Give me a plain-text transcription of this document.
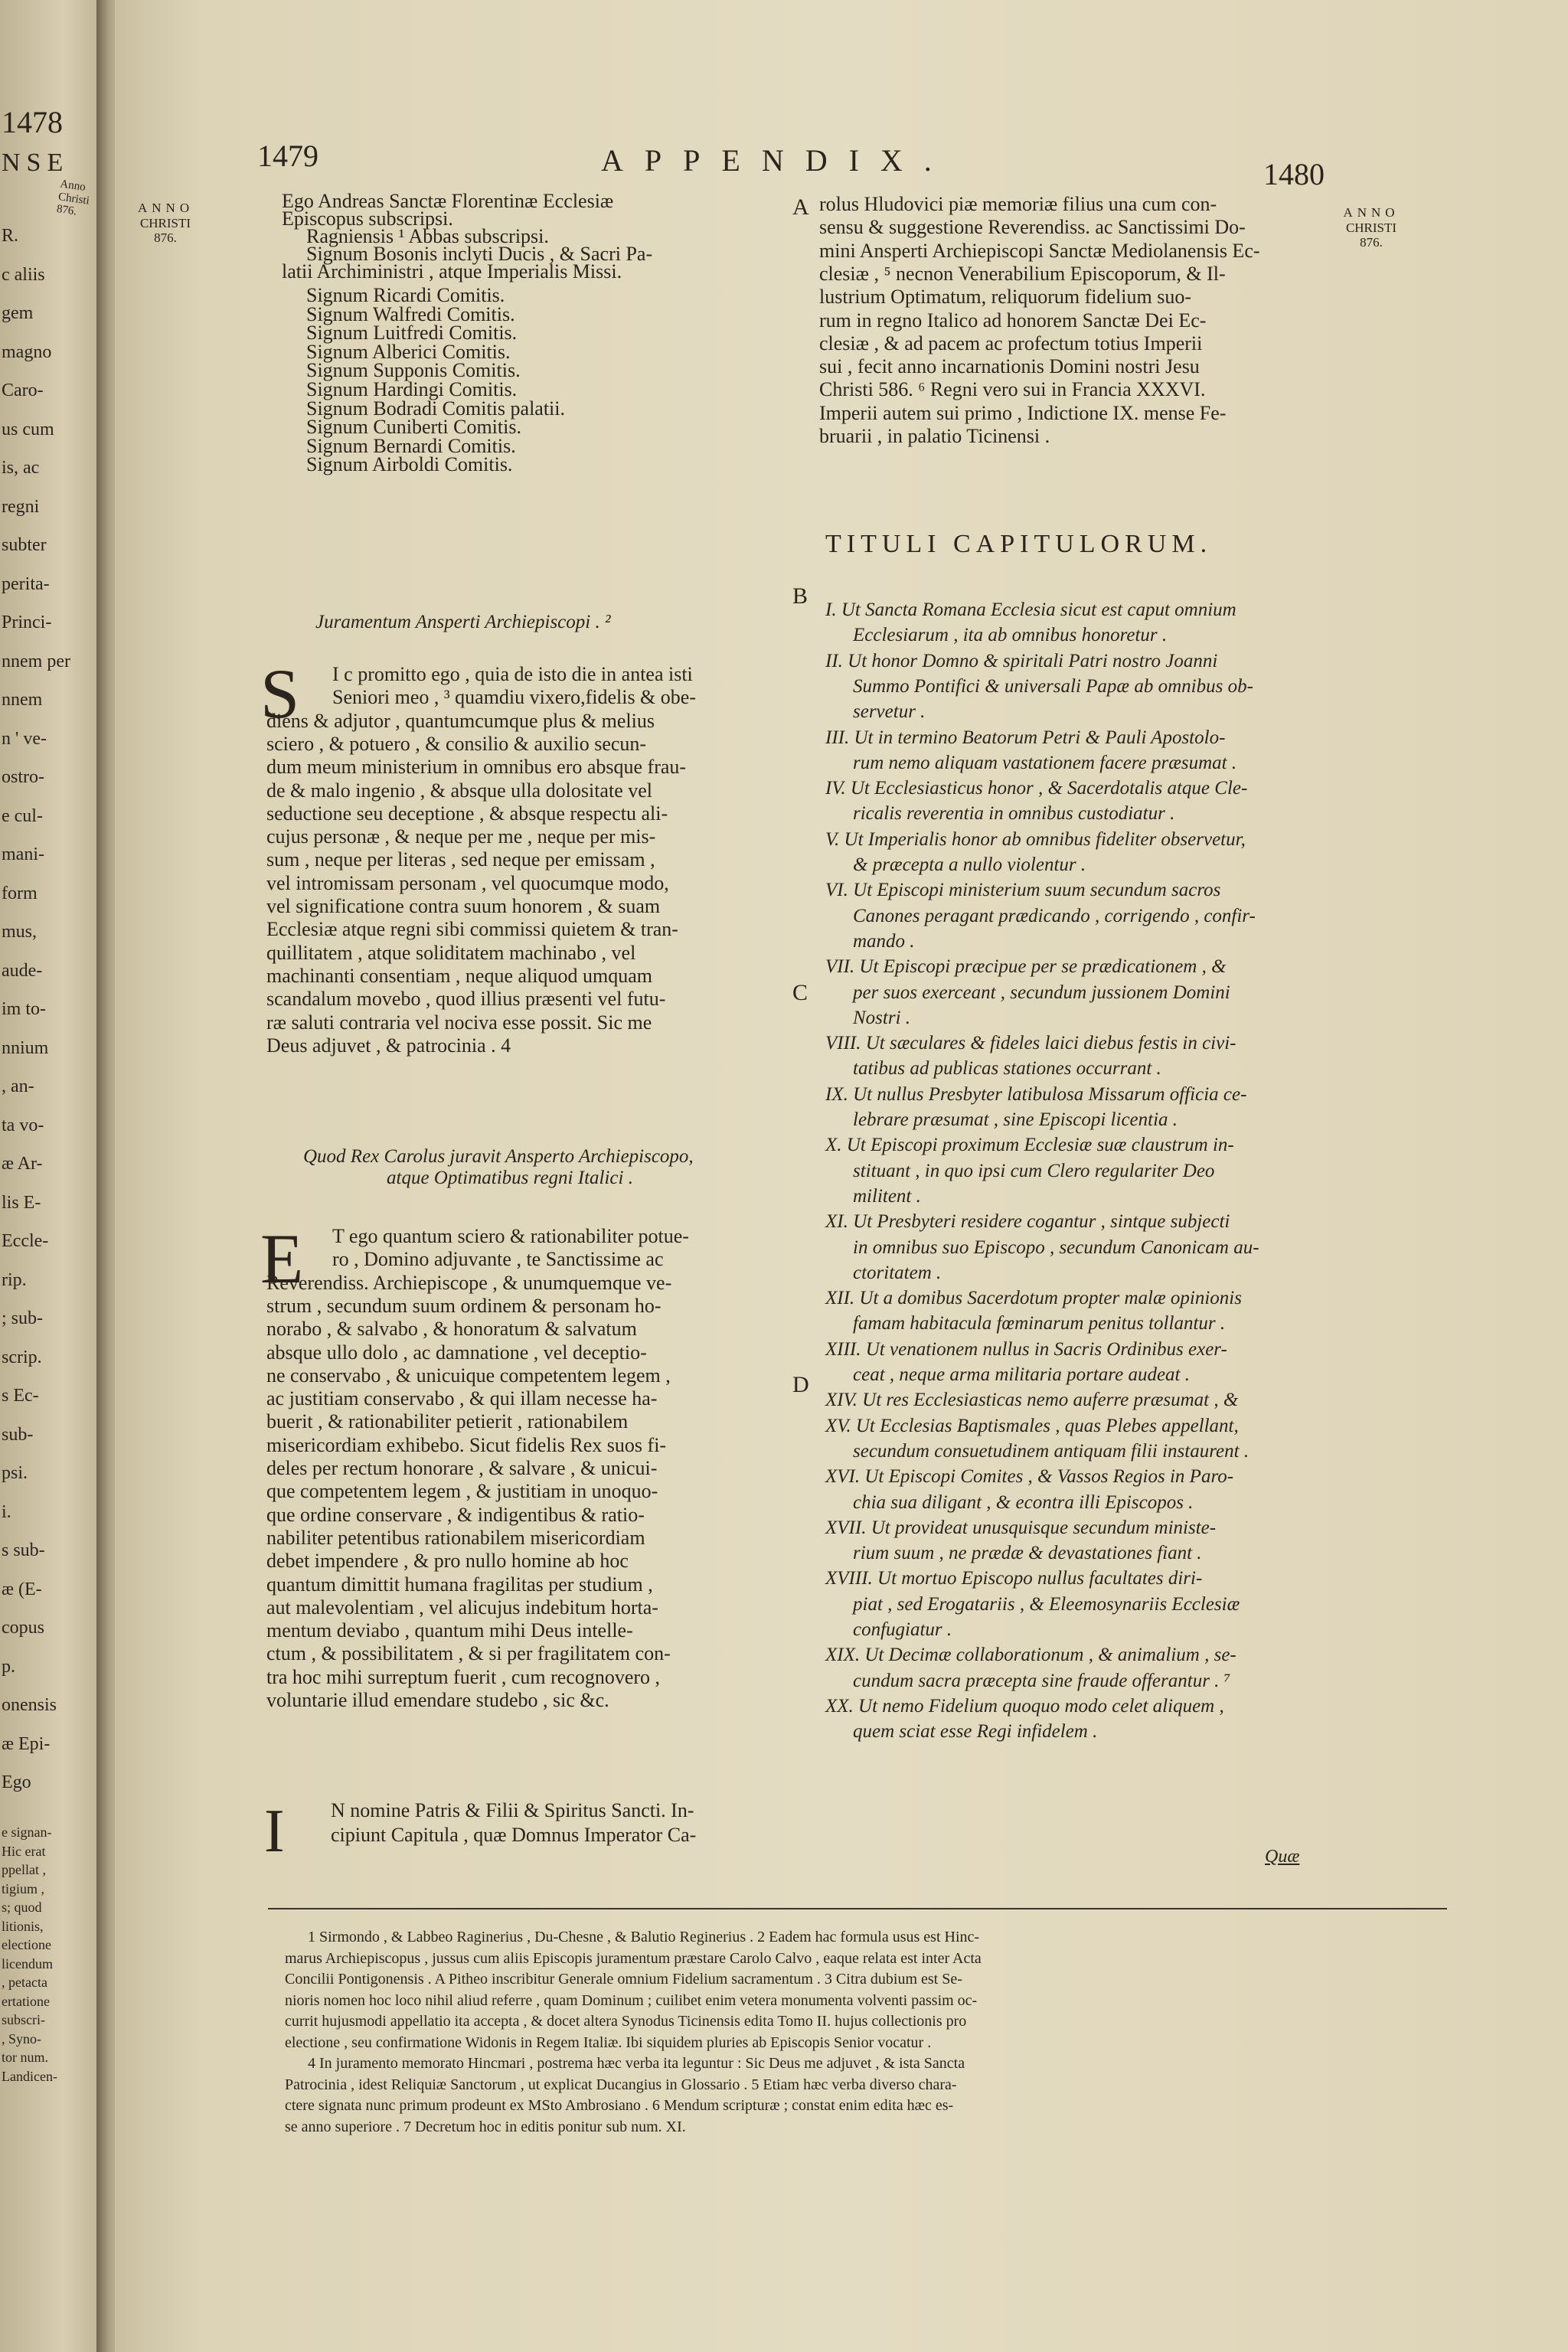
1478
NSE
Anno Christi 876.
R.
c aliis
gem
magno
Caro-
us cum
is, ac
regni
subter
perita-
Princi-
nnem per
nnem
n ' ve-
ostro-
e cul-
mani-
form
mus,
aude-
im to-
nnium
, an-
ta vo-
æ Ar-
lis E-
Eccle-
rip.
; sub-
scrip.
s Ec-
sub-
psi.
i.
s sub-
æ (E-
copus
p.
onensis
æ Epi-
Ego
e signan-
Hic erat
ppellat ,
tigium ,
s; quod
litionis,
electione
licendum
, petacta
ertatione
subscri-
, Syno-
tor num.
Landicen-
1479	APPENDIX.	1480
ANNO
CHRISTI
876.
ANNO
CHRISTI
876.
A
B
C
D
S
E
I
Ego Andreas Sanctæ Florentinæ Ecclesiæ
Episcopus subscripsi.
Ragniensis ¹ Abbas subscripsi.
Signum Bosonis inclyti Ducis , & Sacri Pa-
latii Archiministri , atque Imperialis Missi.
Signum Ricardi Comitis.
Signum Walfredi Comitis.
Signum Luitfredi Comitis.
Signum Alberici Comitis.
Signum Supponis Comitis.
Signum Hardingi Comitis.
Signum Bodradi Comitis palatii.
Signum Cuniberti Comitis.
Signum Bernardi Comitis.
Signum Airboldi Comitis.
Juramentum Ansperti Archiepiscopi . ²
I c promitto ego , quia de isto die in antea isti
Seniori meo , ³ quamdiu vixero,fidelis & obe-
diens & adjutor , quantumcumque plus & melius
sciero , & potuero , & consilio & auxilio secun-
dum meum ministerium in omnibus ero absque frau-
de & malo ingenio , & absque ulla dolositate vel
seductione seu deceptione , & absque respectu ali-
cujus personæ , & neque per me , neque per mis-
sum , neque per literas , sed neque per emissam ,
vel intromissam personam , vel quocumque modo,
vel significatione contra suum honorem , & suam
Ecclesiæ atque regni sibi commissi quietem & tran-
quillitatem , atque soliditatem machinabo , vel
machinanti consentiam , neque aliquod umquam
scandalum movebo , quod illius præsenti vel futu-
ræ saluti contraria vel nociva esse possit. Sic me
Deus adjuvet , & patrocinia . 4
Quod Rex Carolus juravit Ansperto Archiepiscopo,
atque Optimatibus regni Italici .
T ego quantum sciero & rationabiliter potue-
ro , Domino adjuvante , te Sanctissime ac
Reverendiss. Archiepiscope , & unumquemque ve-
strum , secundum suum ordinem & personam ho-
norabo , & salvabo , & honoratum & salvatum
absque ullo dolo , ac damnatione , vel deceptio-
ne conservabo , & unicuique competentem legem ,
ac justitiam conservabo , & qui illam necesse ha-
buerit , & rationabiliter petierit , rationabilem
misericordiam exhibebo. Sicut fidelis Rex suos fi-
deles per rectum honorare , & salvare , & unicui-
que competentem legem , & justitiam in unoquo-
que ordine conservare , & indigentibus & ratio-
nabiliter petentibus rationabilem misericordiam
debet impendere , & pro nullo homine ab hoc
quantum dimittit humana fragilitas per studium ,
aut malevolentiam , vel alicujus indebitum horta-
mentum deviabo , quantum mihi Deus intelle-
ctum , & possibilitatem , & si per fragilitatem con-
tra hoc mihi surreptum fuerit , cum recognovero ,
voluntarie illud emendare studebo , sic &c.
N nomine Patris & Filii & Spiritus Sancti. In-
cipiunt Capitula , quæ Domnus Imperator Ca-
rolus Hludovici piæ memoriæ filius una cum con-
sensu & suggestione Reverendiss. ac Sanctissimi Do-
mini Ansperti Archiepiscopi Sanctæ Mediolanensis Ec-
clesiæ , ⁵ necnon Venerabilium Episcoporum, & Il-
lustrium Optimatum, reliquorum fidelium suo-
rum in regno Italico ad honorem Sanctæ Dei Ec-
clesiæ , & ad pacem ac profectum totius Imperii
sui , fecit anno incarnationis Domini nostri Jesu
Christi 586. ⁶ Regni vero sui in Francia XXXVI.
Imperii autem sui primo , Indictione IX. mense Fe-
bruarii , in palatio Ticinensi .
TITULI CAPITULORUM.
I. Ut Sancta Romana Ecclesia sicut est caput omnium
Ecclesiarum , ita ab omnibus honoretur .
II. Ut honor Domno & spiritali Patri nostro Joanni
Summo Pontifici & universali Papæ ab omnibus ob-
servetur .
III. Ut in termino Beatorum Petri & Pauli Apostolo-
rum nemo aliquam vastationem facere præsumat .
IV. Ut Ecclesiasticus honor , & Sacerdotalis atque Cle-
ricalis reverentia in omnibus custodiatur .
V. Ut Imperialis honor ab omnibus fideliter observetur,
& præcepta a nullo violentur .
VI. Ut Episcopi ministerium suum secundum sacros
Canones peragant prædicando , corrigendo , confir-
mando .
VII. Ut Episcopi præcipue per se prædicationem , &
per suos exerceant , secundum jussionem Domini
Nostri .
VIII. Ut sæculares & fideles laici diebus festis in civi-
tatibus ad publicas stationes occurrant .
IX. Ut nullus Presbyter latibulosa Missarum officia ce-
lebrare præsumat , sine Episcopi licentia .
X. Ut Episcopi proximum Ecclesiæ suæ claustrum in-
stituant , in quo ipsi cum Clero regulariter Deo
militent .
XI. Ut Presbyteri residere cogantur , sintque subjecti
in omnibus suo Episcopo , secundum Canonicam au-
ctoritatem .
XII. Ut a domibus Sacerdotum propter malæ opinionis
famam habitacula fœminarum penitus tollantur .
XIII. Ut venationem nullus in Sacris Ordinibus exer-
ceat , neque arma militaria portare audeat .
XIV. Ut res Ecclesiasticas nemo auferre præsumat , &
XV. Ut Ecclesias Baptismales , quas Plebes appellant,
secundum consuetudinem antiquam filii instaurent .
XVI. Ut Episcopi Comites , & Vassos Regios in Paro-
chia sua diligant , & econtra illi Episcopos .
XVII. Ut provideat unusquisque secundum ministe-
rium suum , ne prædæ & devastationes fiant .
XVIII. Ut mortuo Episcopo nullus facultates diri-
piat , sed Erogatariis , & Eleemosynariis Ecclesiæ
confugiatur .
XIX. Ut Decimæ collaborationum , & animalium , se-
cundum sacra præcepta sine fraude offerantur . ⁷
XX. Ut nemo Fidelium quoquo modo celet aliquem ,
quem sciat esse Regi infidelem .
Quæ
1 Sirmondo , & Labbeo Raginerius , Du-Chesne , & Balutio Reginerius . 2 Eadem hac formula usus est Hinc-
marus Archiepiscopus , jussus cum aliis Episcopis juramentum præstare Carolo Calvo , eaque relata est inter Acta
Concilii Pontigonensis . A Pitheo inscribitur Generale omnium Fidelium sacramentum . 3 Citra dubium est Se-
nioris nomen hoc loco nihil aliud referre , quam Dominum ; cuilibet enim vetera monumenta volventi passim oc-
currit hujusmodi appellatio ita accepta , & docet altera Synodus Ticinensis edita Tomo II. hujus collectionis pro
electione , seu confirmatione Widonis in Regem Italiæ. Ibi siquidem pluries ab Episcopis Senior vocatur .
4 In juramento memorato Hincmari , postrema hæc verba ita leguntur : Sic Deus me adjuvet , & ista Sancta
Patrocinia , idest Reliquiæ Sanctorum , ut explicat Ducangius in Glossario . 5 Etiam hæc verba diverso chara-
ctere signata nunc primum prodeunt ex MSto Ambrosiano . 6 Mendum scripturæ ; constat enim edita hæc es-
se anno superiore . 7 Decretum hoc in editis ponitur sub num. XI.
